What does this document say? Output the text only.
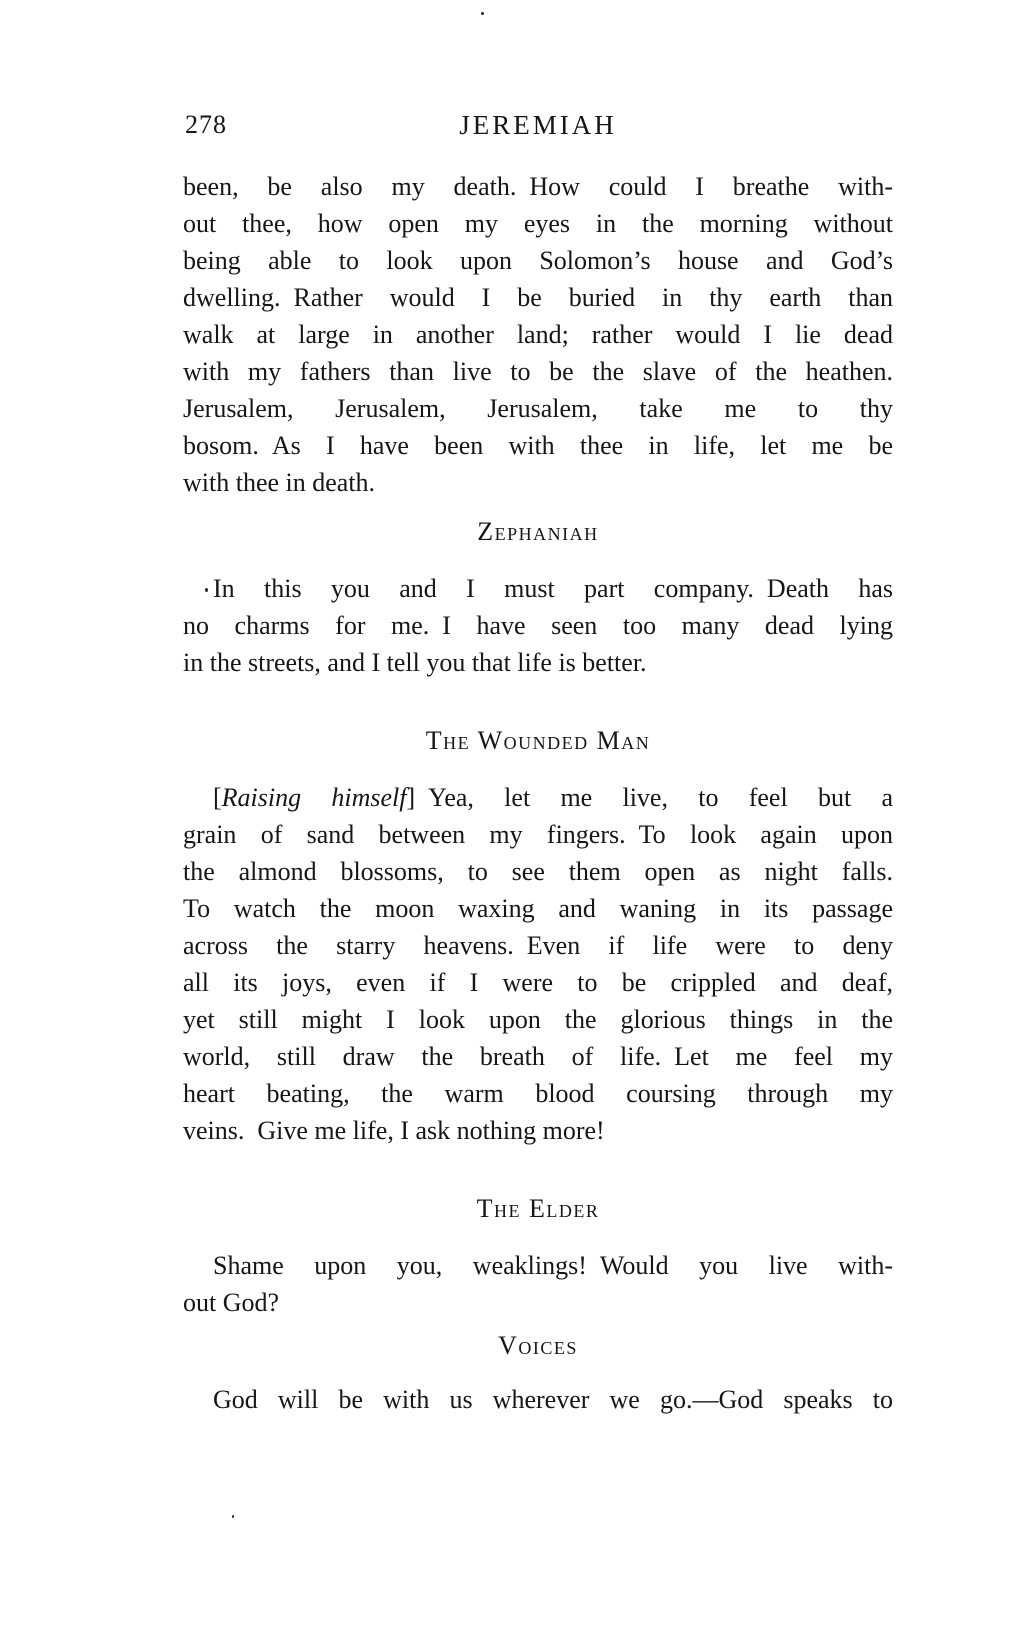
278	JEREMIAH
been, be also my death. How could I breathe with-
out thee, how open my eyes in the morning without
being able to look upon Solomon’s house and God’s
dwelling. Rather would I be buried in thy earth than
walk at large in another land; rather would I lie dead
with my fathers than live to be the slave of the heathen.
Jerusalem, Jerusalem, Jerusalem, take me to thy
bosom. As I have been with thee in life, let me be
with thee in death.
Zephaniah
In this you and I must part company. Death has
no charms for me. I have seen too many dead lying
in the streets, and I tell you that life is better.
The Wounded Man
[Raising himself] Yea, let me live, to feel but a
grain of sand between my fingers. To look again upon
the almond blossoms, to see them open as night falls.
To watch the moon waxing and waning in its passage
across the starry heavens. Even if life were to deny
all its joys, even if I were to be crippled and deaf,
yet still might I look upon the glorious things in the
world, still draw the breath of life. Let me feel my
heart beating, the warm blood coursing through my
veins. Give me life, I ask nothing more!
The Elder
Shame upon you, weaklings! Would you live with-
out God?
Voices
God will be with us wherever we go.—God speaks to
